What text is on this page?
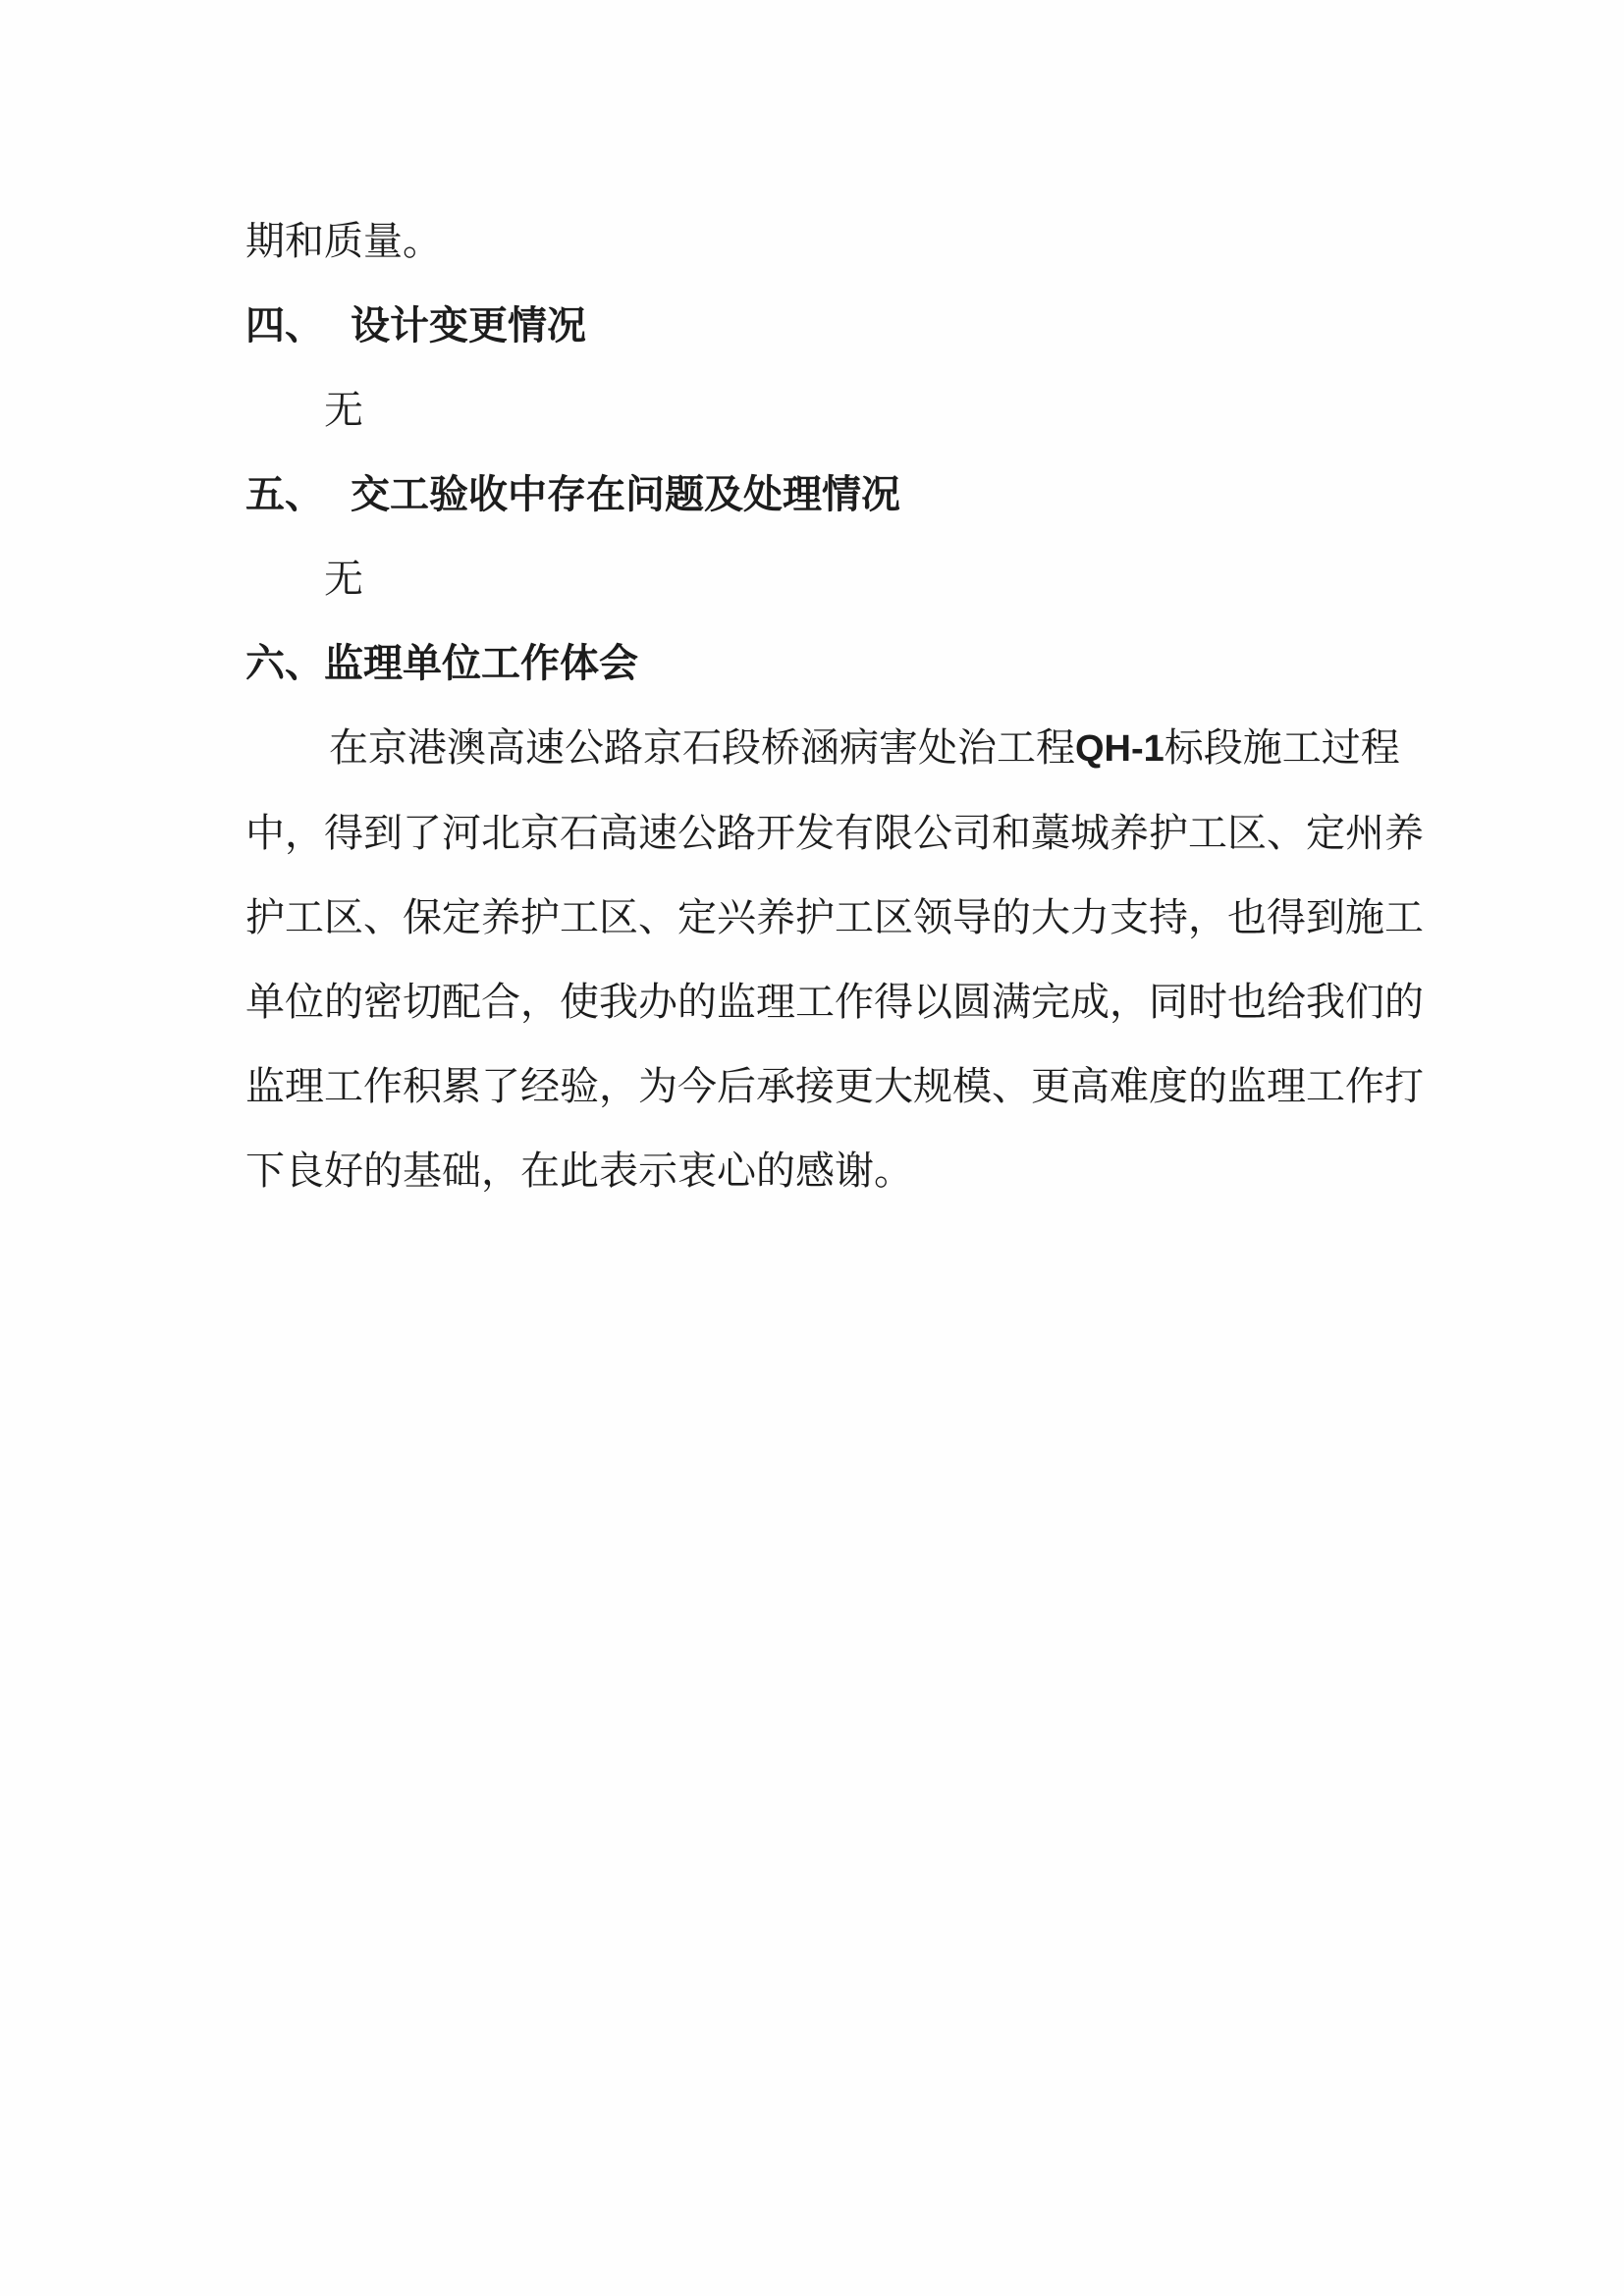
期和质量。
四、 设计变更情况
无
五、 交工验收中存在问题及处理情况
无
六、监理单位工作体会
在京港澳高速公路京石段桥涵病害处治工程QH-1标段施工过程
中，得到了河北京石高速公路开发有限公司和藁城养护工区、定州养
护工区、保定养护工区、定兴养护工区领导的大力支持，也得到施工
单位的密切配合，使我办的监理工作得以圆满完成，同时也给我们的
监理工作积累了经验，为今后承接更大规模、更高难度的监理工作打
下良好的基础，在此表示衷心的感谢。
